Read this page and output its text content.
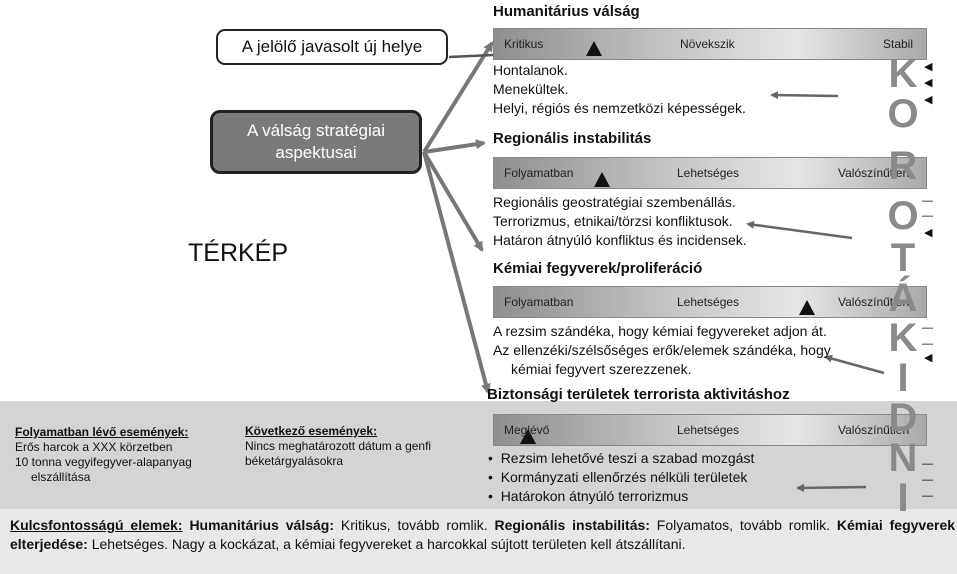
A jelölő javasolt új helye
A válság stratégiai aspektusai
TÉRKÉP
Humanitárius válság
Kritikus	Növekszik	Stabil
Hontalanok.
Menekültek.
Helyi, régiós és nemzetközi képességek.
Regionális instabilitás
Folyamatban	Lehetséges	Valószínűtlen
Regionális geostratégiai szembenállás.
Terrorizmus, etnikai/törzsi konfliktusok.
Határon átnyúló konfliktus és incidensek.
Kémiai fegyverek/proliferáció
Folyamatban	Lehetséges	Valószínűtlen
A rezsim szándéka, hogy kémiai fegyvereket adjon át.
Az ellenzéki/szélsőséges erők/elemek szándéka, hogy
kémiai fegyvert szerezzenek.
Biztonsági területek terrorista aktivitáshoz
Meglévő	Lehetséges	Valószínűtlen
•  Rezsim lehetővé teszi a szabad mozgást
•  Kormányzati ellenőrzés nélküli területek
•  Határokon átnyúló terrorizmus
K
O
R
O
T
Á
K
I
D
N
I
◀
◀
◀
—
—
◀
—
—
◀
—
—
—
Folyamatban lévő események:
Erős harcok a XXX körzetben
10 tonna vegyifegyver-alapanyag
elszállítása
Következő események:
Nincs meghatározott dátum a genfi
béketárgyalásokra
Kulcsfontosságú elemek: Humanitárius válság: Kritikus, tovább romlik. Regionális instabilitás: Folyamatos, tovább romlik. Kémiai fegyverek elterjedése: Lehetséges. Nagy a kockázat, a kémiai fegyvereket a harcokkal sújtott területen kell átszállítani.
